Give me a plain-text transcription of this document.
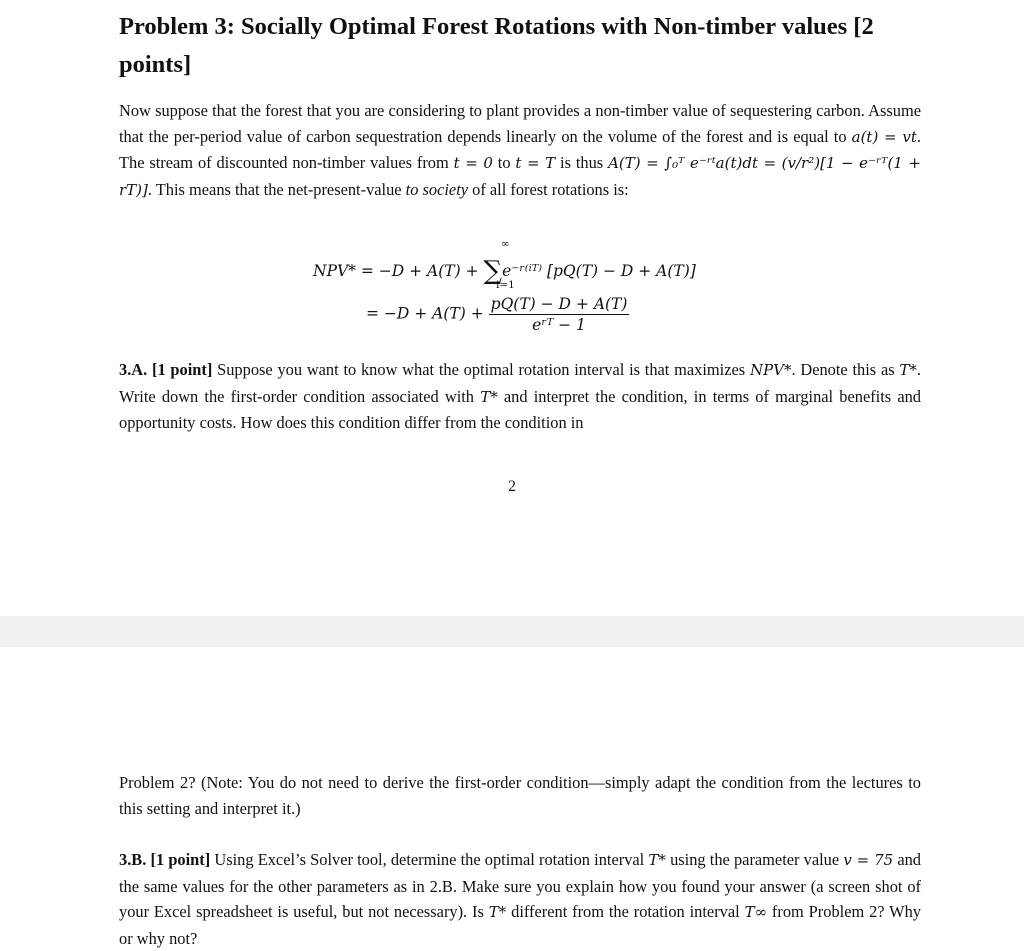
Problem 3: Socially Optimal Forest Rotations with Non-timber values [2 points]

Now suppose that the forest that you are considering to plant provides a non-timber value of sequestering carbon. Assume that the per-period value of carbon sequestration depends linearly on the volume of the forest and is equal to a(t) = vt. The stream of discounted non-timber values from t = 0 to t = T is thus A(T) = ∫₀ᵀ e⁻ʳᵗa(t)dt = (v/r²)[1 − e⁻ʳᵀ(1 + rT)]. This means that the net-present-value to society of all forest rotations is:

NPV* = −D + A(T) + ∑e⁻ʳ⁽ⁱᵀ⁾ [pQ(T) − D + A(T)]
∞
i=1
= $-D + A(T) + \frac{pQ(T) - D + A(T)}{\text{eʳᵀ − 1}}$

3.A. [1 point] Suppose you want to know what the optimal rotation interval is that maximizes NPV*. Denote this as T*. Write down the first-order condition associated with T* and interpret the condition, in terms of marginal benefits and opportunity costs. How does this condition differ from the condition in

2

Problem 2? (Note: You do not need to derive the first-order condition—simply adapt the condition from the lectures to this setting and interpret it.)

3.B. [1 point] Using Excel’s Solver tool, determine the optimal rotation interval T* using the parameter value v = 75 and the same values for the other parameters as in 2.B. Make sure you explain how you found your answer (a screen shot of your Excel spreadsheet is useful, but not necessary). Is T* different from the rotation interval T∞ from Problem 2? Why or why not?
